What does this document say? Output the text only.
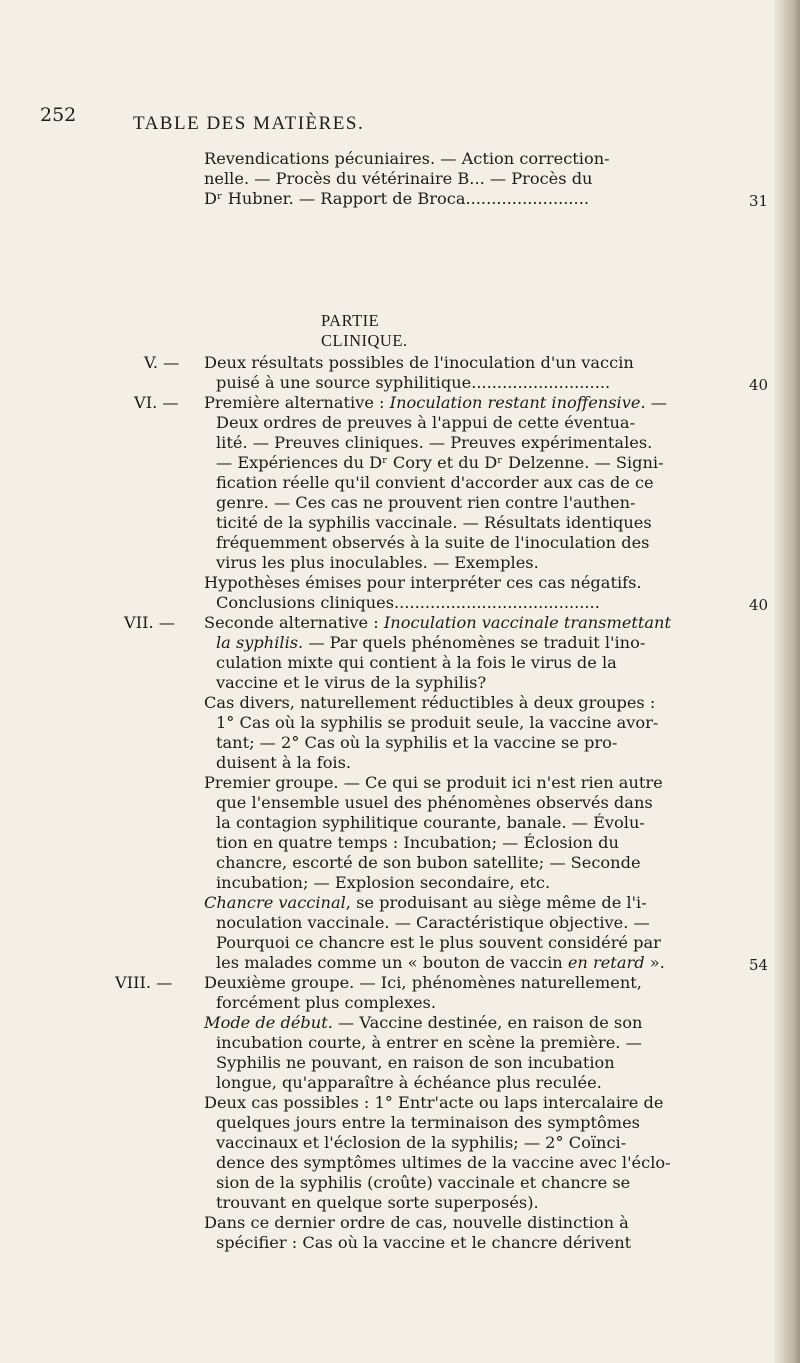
252	TABLE DES MATIÈRES.
Revendications pécuniaires. — Action correction-
nelle. — Procès du vétérinaire B... — Procès du
Dʳ Hubner. — Rapport de Broca........................	31
PARTIE CLINIQUE.
V. — Deux résultats possibles de l'inoculation d'un vaccin
puisé à une source syphilitique...........................	40
VI. — Première alternative : Inoculation restant inoffensive. —
Deux ordres de preuves à l'appui de cette éventua-
lité. — Preuves cliniques. — Preuves expérimentales.
— Expériences du Dʳ Cory et du Dʳ Delzenne. — Signi-
fication réelle qu'il convient d'accorder aux cas de ce
genre. — Ces cas ne prouvent rien contre l'authen-
ticité de la syphilis vaccinale. — Résultats identiques
fréquemment observés à la suite de l'inoculation des
virus les plus inoculables. — Exemples.
Hypothèses émises pour interpréter ces cas négatifs.
Conclusions cliniques........................................	40
VII. — Seconde alternative : Inoculation vaccinale transmettant
la syphilis. — Par quels phénomènes se traduit l'ino-
culation mixte qui contient à la fois le virus de la
vaccine et le virus de la syphilis?
Cas divers, naturellement réductibles à deux groupes :
1° Cas où la syphilis se produit seule, la vaccine avor-
tant; — 2° Cas où la syphilis et la vaccine se pro-
duisent à la fois.
Premier groupe. — Ce qui se produit ici n'est rien autre
que l'ensemble usuel des phénomènes observés dans
la contagion syphilitique courante, banale. — Évolu-
tion en quatre temps : Incubation; — Éclosion du
chancre, escorté de son bubon satellite; — Seconde
incubation; — Explosion secondaire, etc.
Chancre vaccinal, se produisant au siège même de l'i-
noculation vaccinale. — Caractéristique objective. —
Pourquoi ce chancre est le plus souvent considéré par
les malades comme un « bouton de vaccin en retard ».	54
VIII. — Deuxième groupe. — Ici, phénomènes naturellement,
forcément plus complexes.
Mode de début. — Vaccine destinée, en raison de son
incubation courte, à entrer en scène la première. —
Syphilis ne pouvant, en raison de son incubation
longue, qu'apparaître à échéance plus reculée.
Deux cas possibles : 1° Entr'acte ou laps intercalaire de
quelques jours entre la terminaison des symptômes
vaccinaux et l'éclosion de la syphilis; — 2° Coïnci-
dence des symptômes ultimes de la vaccine avec l'éclo-
sion de la syphilis (croûte) vaccinale et chancre se
trouvant en quelque sorte superposés).
Dans ce dernier ordre de cas, nouvelle distinction à
spécifier : Cas où la vaccine et le chancre dérivent
